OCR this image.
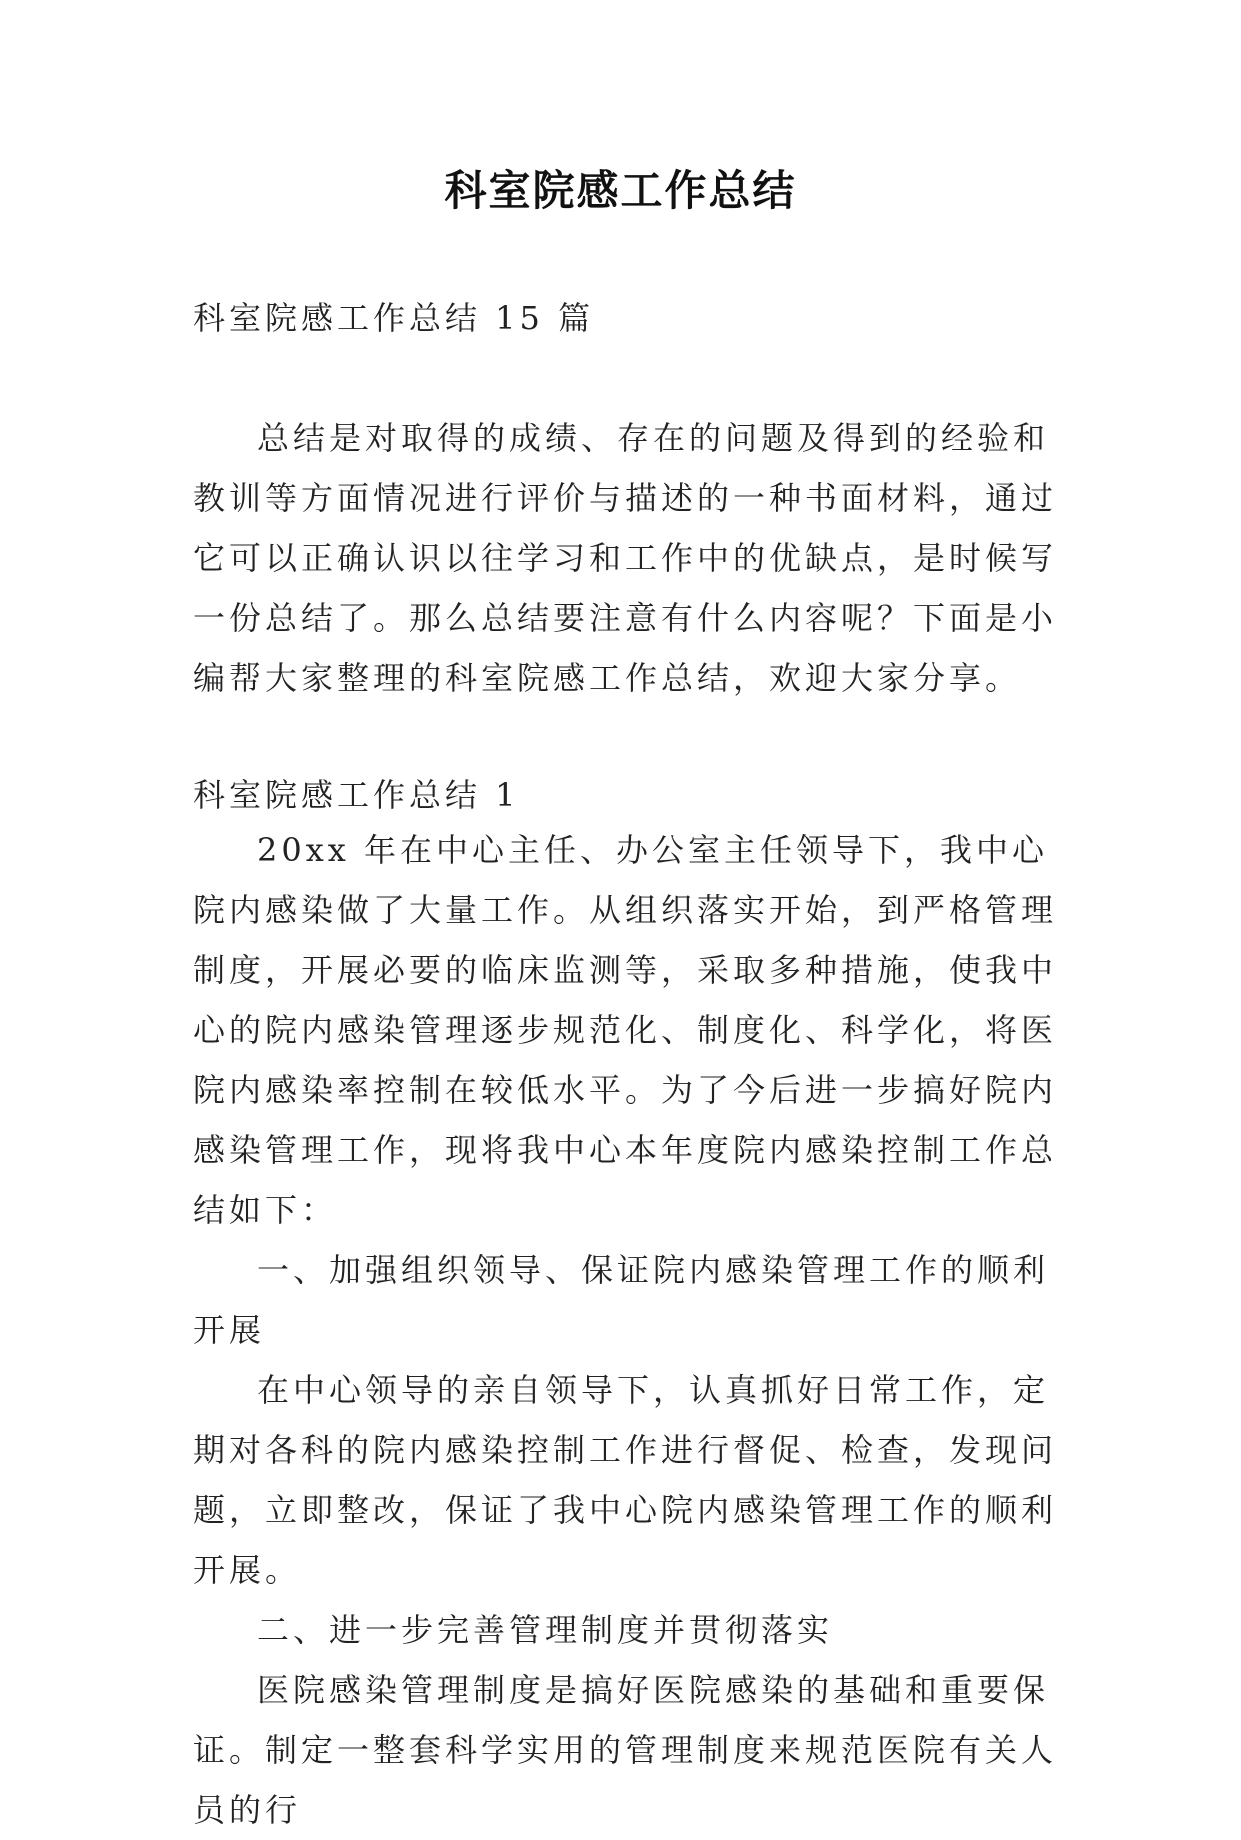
科室院感工作总结
科室院感工作总结 15 篇

总结是对取得的成绩、存在的问题及得到的经验和教训等方面情况进行评价与描述的一种书面材料，通过它可以正确认识以往学习和工作中的优缺点，是时候写一份总结了。那么总结要注意有什么内容呢？下面是小编帮大家整理的科室院感工作总结，欢迎大家分享。

科室院感工作总结 1

20xx 年在中心主任、办公室主任领导下，我中心院内感染做了大量工作。从组织落实开始，到严格管理制度，开展必要的临床监测等，采取多种措施，使我中心的院内感染管理逐步规范化、制度化、科学化，将医院内感染率控制在较低水平。为了今后进一步搞好院内感染管理工作，现将我中心本年度院内感染控制工作总结如下：

一、加强组织领导、保证院内感染管理工作的顺利开展

在中心领导的亲自领导下，认真抓好日常工作，定期对各科的院内感染控制工作进行督促、检查，发现问题，立即整改，保证了我中心院内感染管理工作的顺利开展。

二、进一步完善管理制度并贯彻落实

医院感染管理制度是搞好医院感染的基础和重要保证。制定一整套科学实用的管理制度来规范医院有关人员的行
